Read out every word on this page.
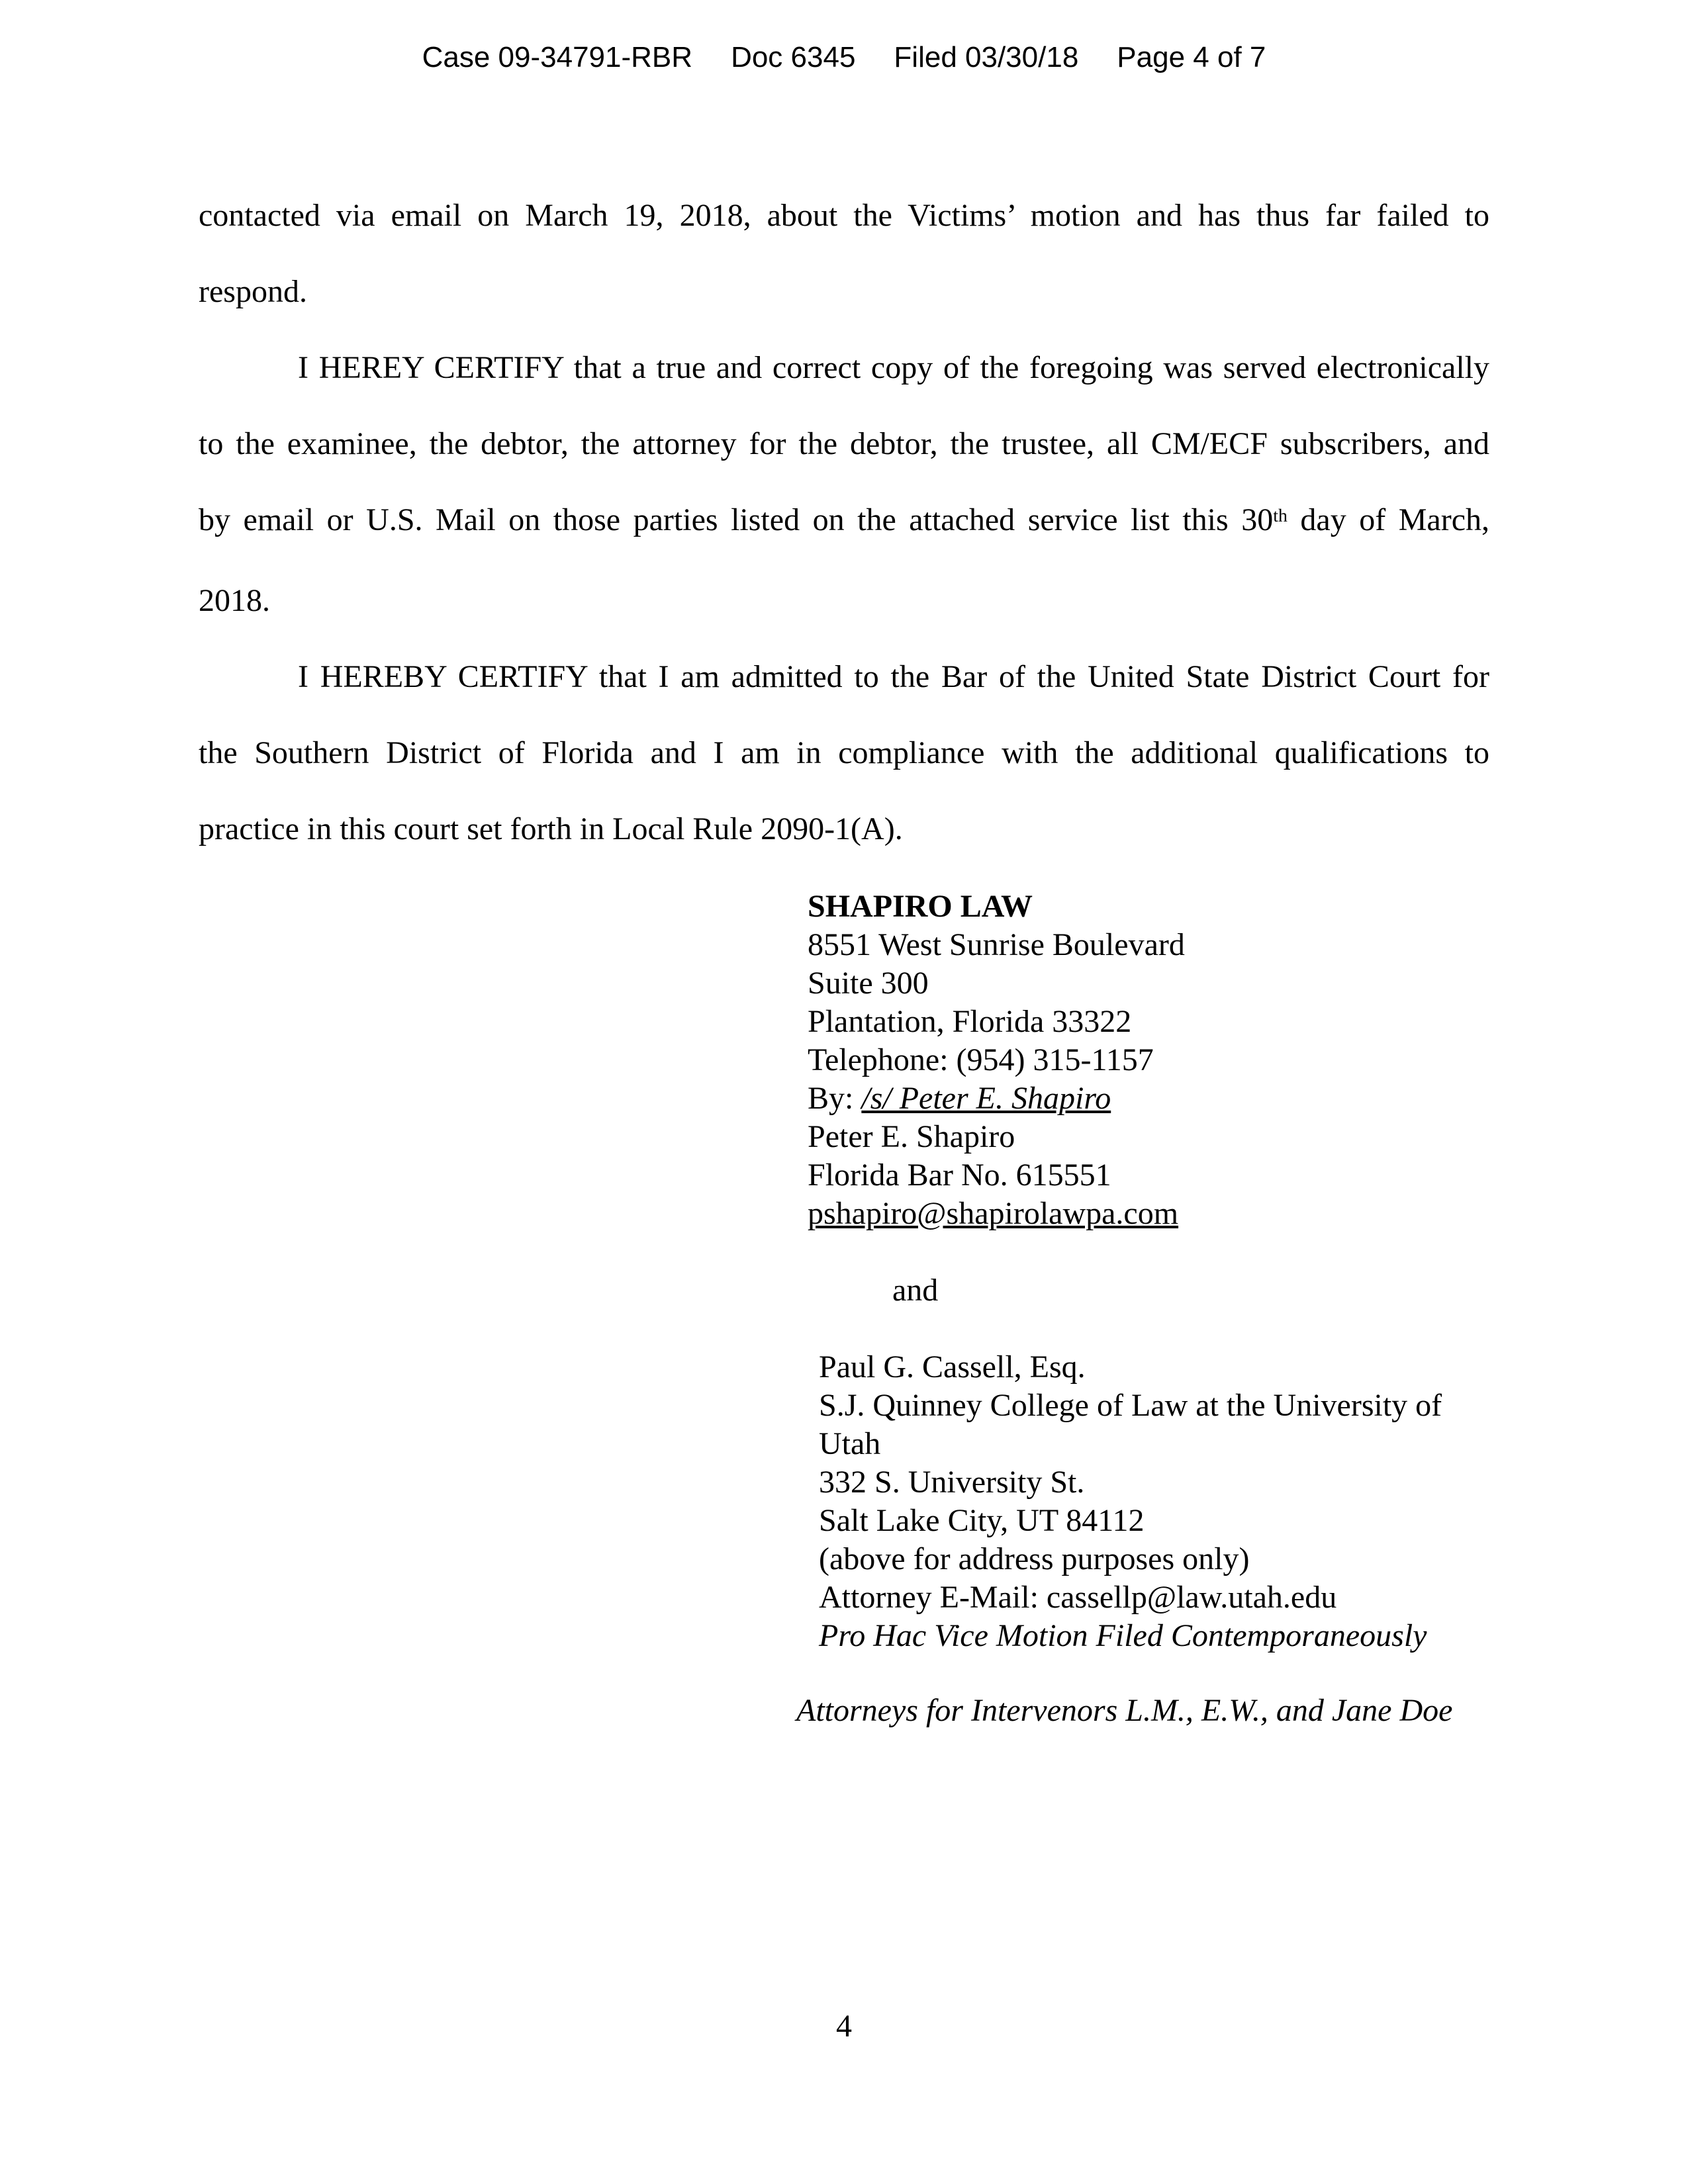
Case 09-34791-RBR Doc 6345 Filed 03/30/18 Page 4 of 7
contacted via email on March 19, 2018, about the Victims’ motion and has thus far failed to
respond.
I HEREY CERTIFY that a true and correct copy of the foregoing was served electronically
to the examinee, the debtor, the attorney for the debtor, the trustee, all CM/ECF subscribers, and
by email or U.S. Mail on those parties listed on the attached service list this 30th day of March,
2018.
I HEREBY CERTIFY that I am admitted to the Bar of the United State District Court for
the Southern District of Florida and I am in compliance with the additional qualifications to
practice in this court set forth in Local Rule 2090-1(A).
SHAPIRO LAW
8551 West Sunrise Boulevard
Suite 300
Plantation, Florida 33322
Telephone: (954) 315-1157
By: /s/ Peter E. Shapiro
Peter E. Shapiro
Florida Bar No. 615551
pshapiro@shapirolawpa.com
and
Paul G. Cassell, Esq.
S.J. Quinney College of Law at the University of
Utah
332 S. University St.
Salt Lake City, UT 84112
(above for address purposes only)
Attorney E-Mail: cassellp@law.utah.edu
Pro Hac Vice Motion Filed Contemporaneously
Attorneys for Intervenors L.M., E.W., and Jane Doe
4
